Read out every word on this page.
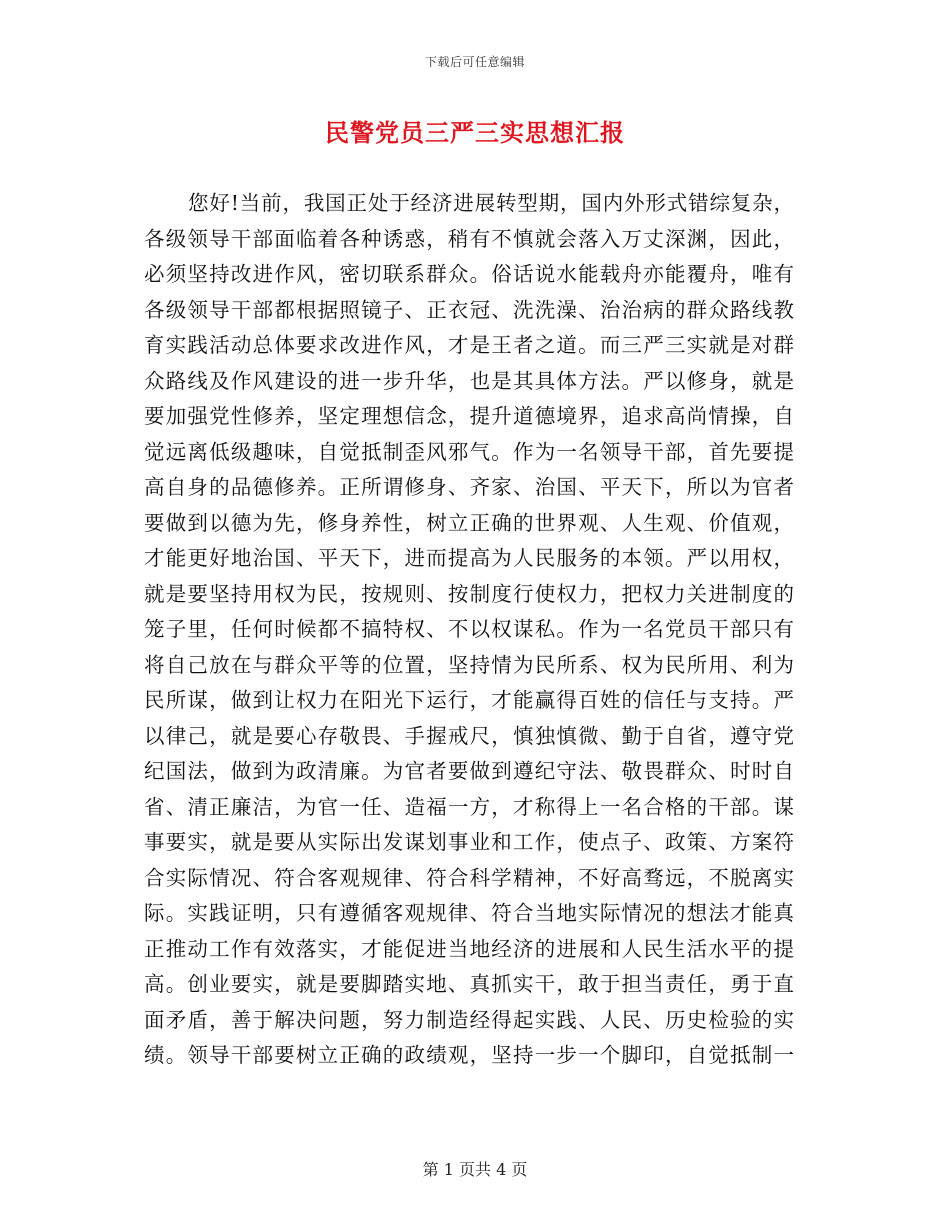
下载后可任意编辑
民警党员三严三实思想汇报
您好!当前，我国正处于经济进展转型期，国内外形式错综复杂，
各级领导干部面临着各种诱惑，稍有不慎就会落入万丈深渊，因此，
必须坚持改进作风，密切联系群众。俗话说水能载舟亦能覆舟，唯有
各级领导干部都根据照镜子、正衣冠、洗洗澡、治治病的群众路线教
育实践活动总体要求改进作风，才是王者之道。而三严三实就是对群
众路线及作风建设的进一步升华，也是其具体方法。严以修身，就是
要加强党性修养，坚定理想信念，提升道德境界，追求高尚情操，自
觉远离低级趣味，自觉抵制歪风邪气。作为一名领导干部，首先要提
高自身的品德修养。正所谓修身、齐家、治国、平天下，所以为官者
要做到以德为先，修身养性，树立正确的世界观、人生观、价值观，
才能更好地治国、平天下，进而提高为人民服务的本领。严以用权，
就是要坚持用权为民，按规则、按制度行使权力，把权力关进制度的
笼子里，任何时候都不搞特权、不以权谋私。作为一名党员干部只有
将自己放在与群众平等的位置，坚持情为民所系、权为民所用、利为
民所谋，做到让权力在阳光下运行，才能赢得百姓的信任与支持。严
以律己，就是要心存敬畏、手握戒尺，慎独慎微、勤于自省，遵守党
纪国法，做到为政清廉。为官者要做到遵纪守法、敬畏群众、时时自
省、清正廉洁，为官一任、造福一方，才称得上一名合格的干部。谋
事要实，就是要从实际出发谋划事业和工作，使点子、政策、方案符
合实际情况、符合客观规律、符合科学精神，不好高骛远，不脱离实
际。实践证明，只有遵循客观规律、符合当地实际情况的想法才能真
正推动工作有效落实，才能促进当地经济的进展和人民生活水平的提
高。创业要实，就是要脚踏实地、真抓实干，敢于担当责任，勇于直
面矛盾，善于解决问题，努力制造经得起实践、人民、历史检验的实
绩。领导干部要树立正确的政绩观，坚持一步一个脚印，自觉抵制一
第 1 页共 4 页
